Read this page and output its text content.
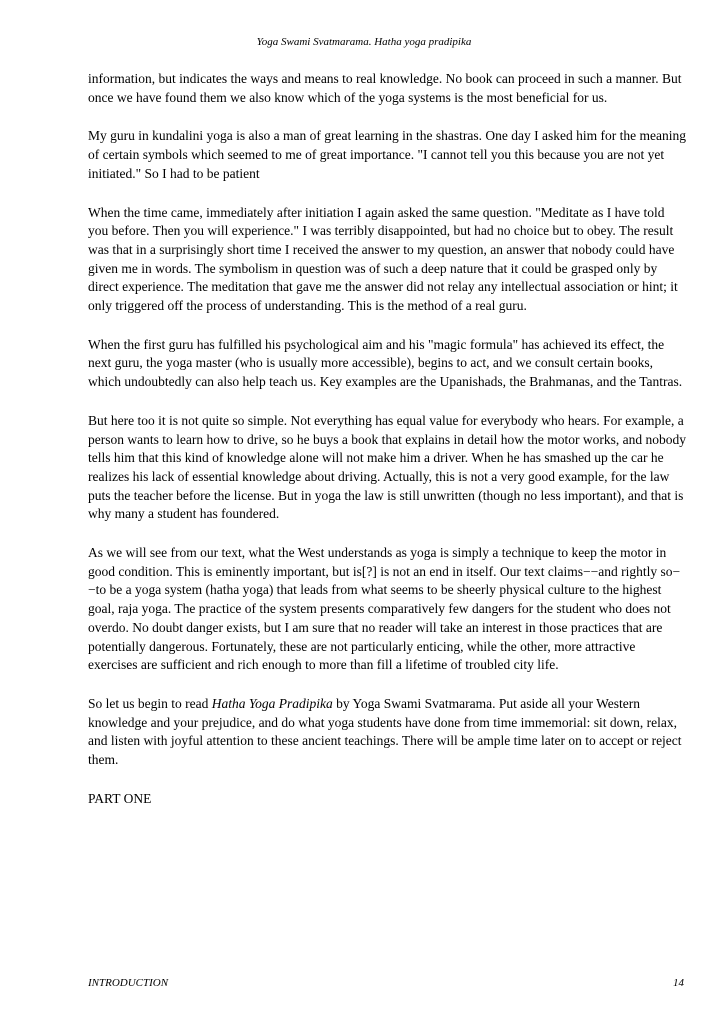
Yoga Swami Svatmarama. Hatha yoga pradipika

information, but indicates the ways and means to real knowledge. No book can proceed in such a manner. But once we have found them we also know which of the yoga systems is the most beneficial for us.

My guru in kundalini yoga is also a man of great learning in the shastras. One day I asked him for the meaning of certain symbols which seemed to me of great importance. "I cannot tell you this because you are not yet initiated." So I had to be patient

When the time came, immediately after initiation I again asked the same question. "Meditate as I have told you before. Then you will experience." I was terribly disappointed, but had no choice but to obey. The result was that in a surprisingly short time I received the answer to my question, an answer that nobody could have given me in words. The symbolism in question was of such a deep nature that it could be grasped only by direct experience. The meditation that gave me the answer did not relay any intellectual association or hint; it only triggered off the process of understanding. This is the method of a real guru.

When the first guru has fulfilled his psychological aim and his "magic formula" has achieved its effect, the next guru, the yoga master (who is usually more accessible), begins to act, and we consult certain books, which undoubtedly can also help teach us. Key examples are the Upanishads, the Brahmanas, and the Tantras.

But here too it is not quite so simple. Not everything has equal value for everybody who hears. For example, a person wants to learn how to drive, so he buys a book that explains in detail how the motor works, and nobody tells him that this kind of knowledge alone will not make him a driver. When he has smashed up the car he realizes his lack of essential knowledge about driving. Actually, this is not a very good example, for the law puts the teacher before the license. But in yoga the law is still unwritten (though no less important), and that is why many a student has foundered.

As we will see from our text, what the West understands as yoga is simply a technique to keep the motor in good condition. This is eminently important, but is[?] is not an end in itself. Our text claims−−and rightly so−−to be a yoga system (hatha yoga) that leads from what seems to be sheerly physical culture to the highest goal, raja yoga. The practice of the system presents comparatively few dangers for the student who does not overdo. No doubt danger exists, but I am sure that no reader will take an interest in those practices that are potentially dangerous. Fortunately, these are not particularly enticing, while the other, more attractive exercises are sufficient and rich enough to more than fill a lifetime of troubled city life.

So let us begin to read Hatha Yoga Pradipika by Yoga Swami Svatmarama. Put aside all your Western knowledge and your prejudice, and do what yoga students have done from time immemorial: sit down, relax, and listen with joyful attention to these ancient teachings. There will be ample time later on to accept or reject them.

PART ONE

INTRODUCTION	14
